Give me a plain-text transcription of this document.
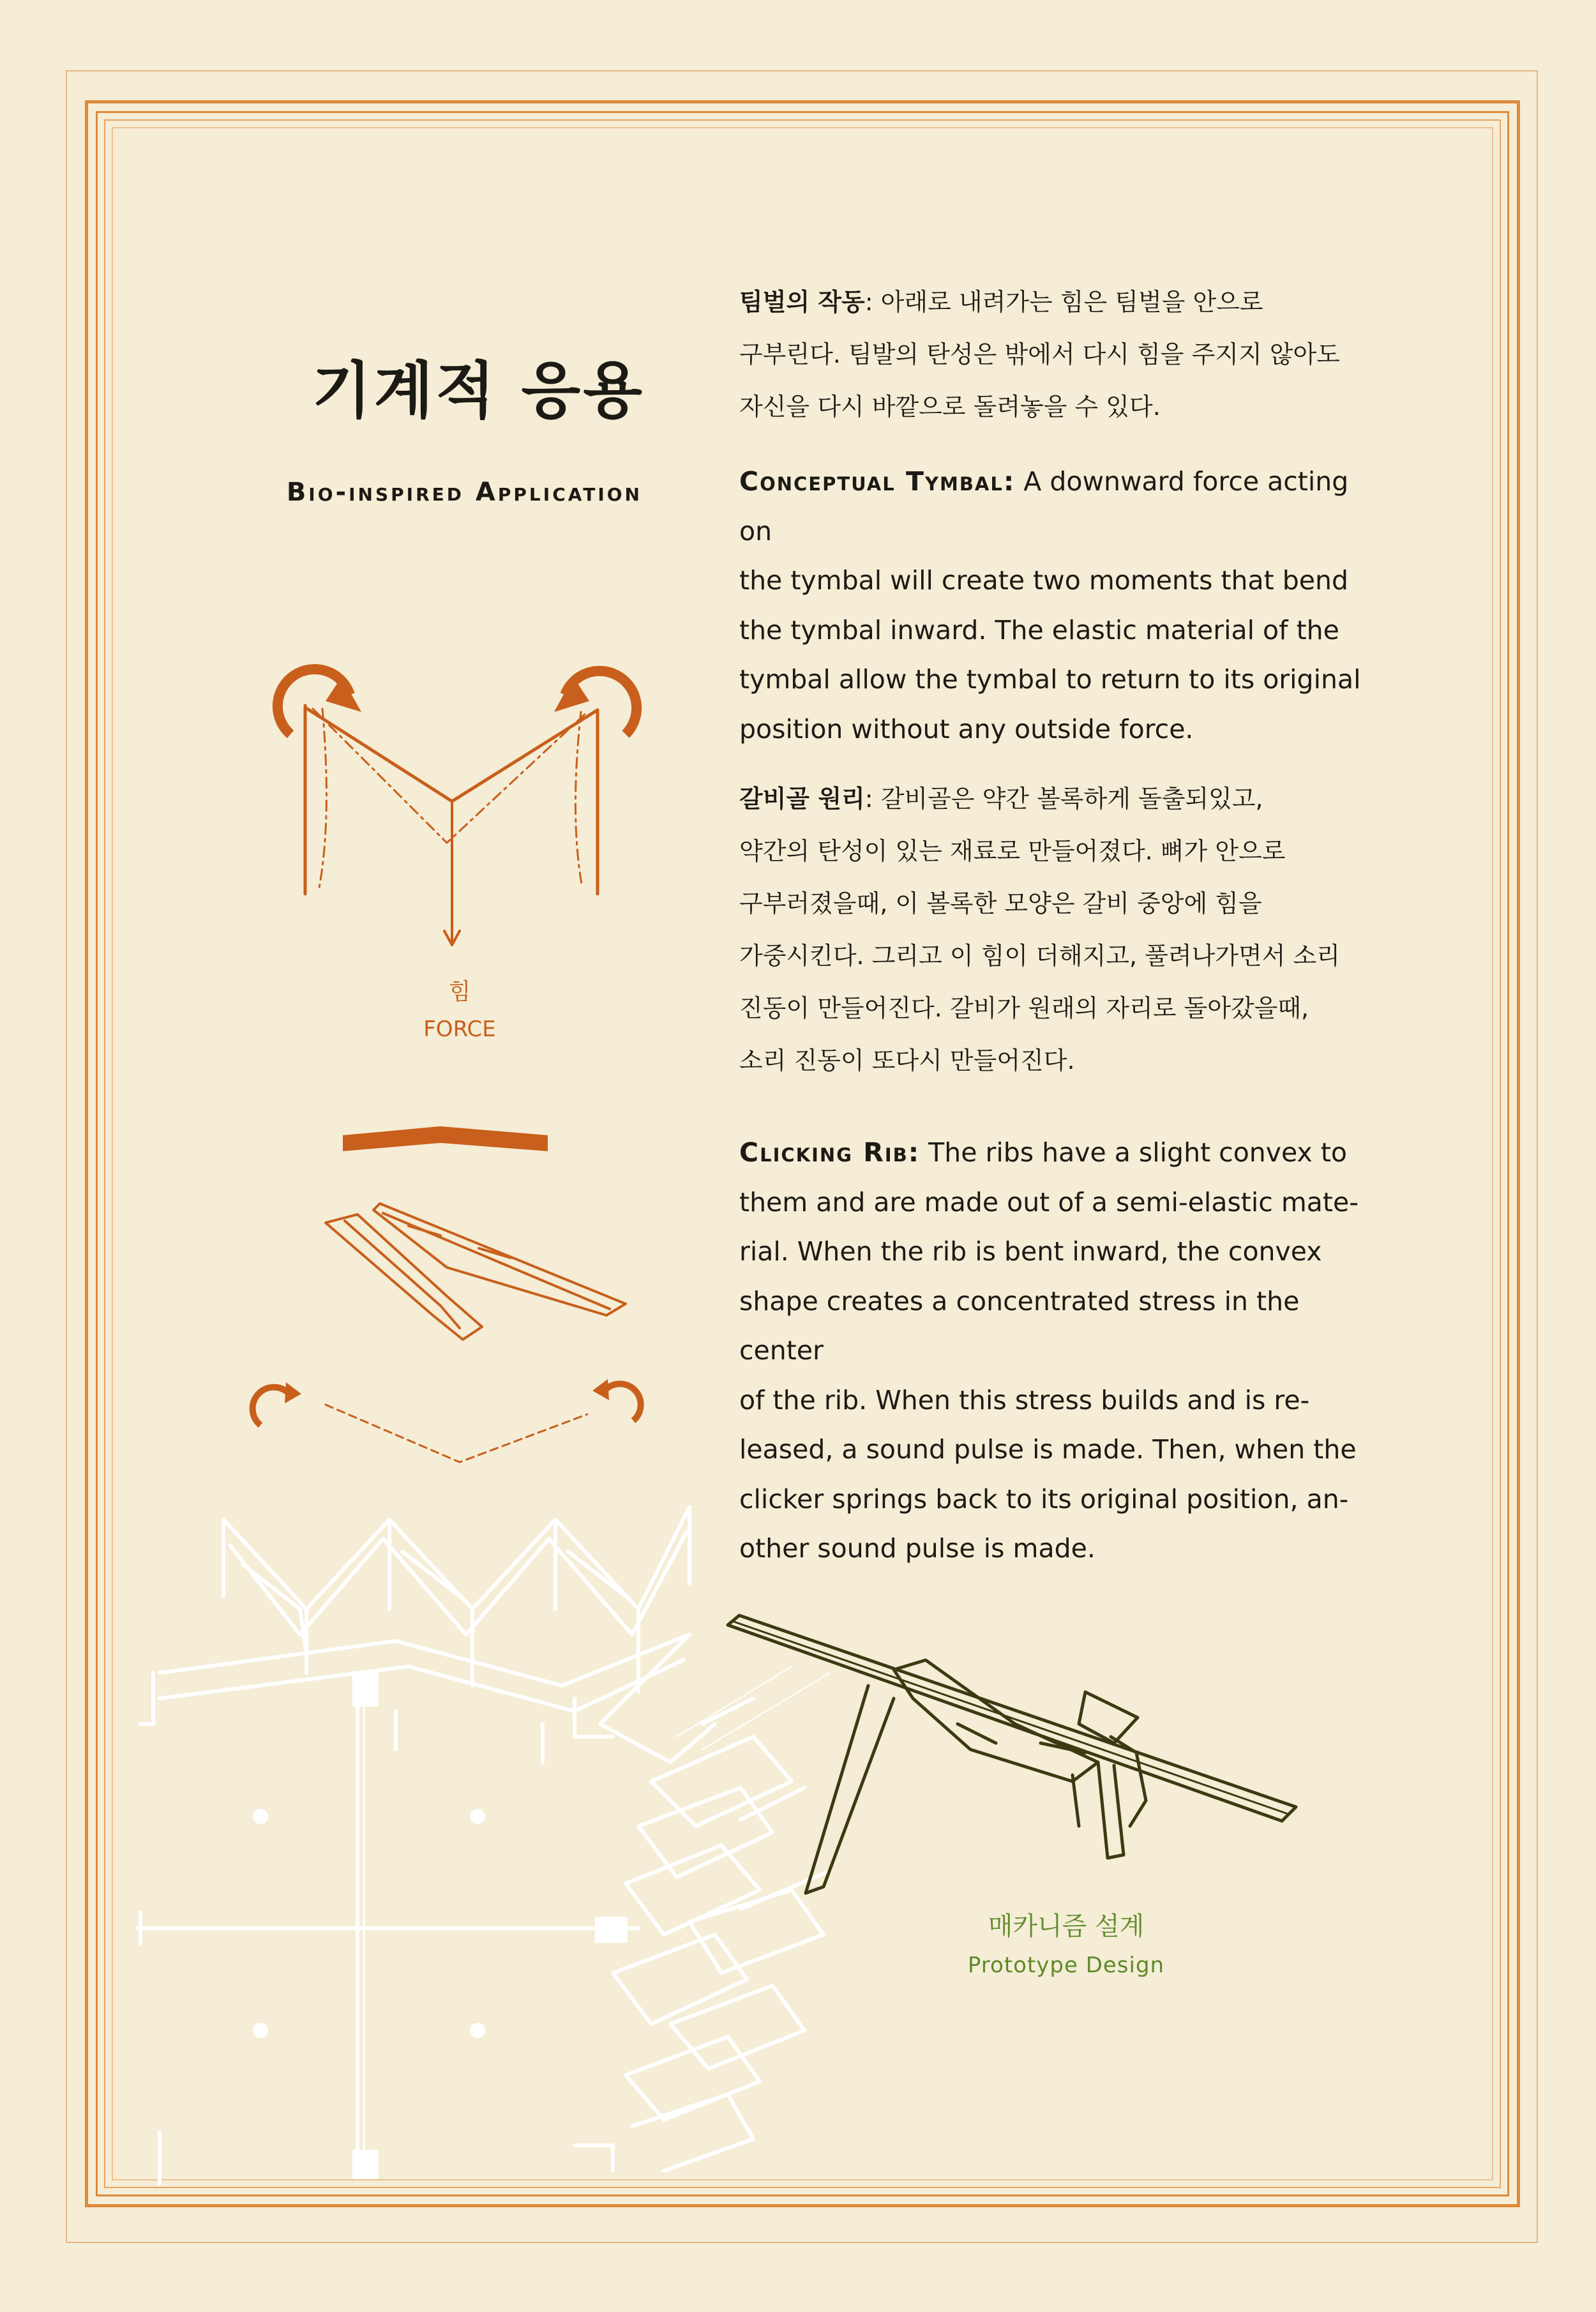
기계적 응용
Bio-inspired Application

팀벌의 작동: 아래로 내려가는 힘은 팀벌을 안으로

구부린다. 팀발의 탄성은 밖에서 다시 힘을 주지지 않아도

자신을 다시 바깥으로 돌려놓을 수 있다.

Conceptual Tymbal: A downward force acting on

the tymbal will create two moments that bend

the tymbal inward. The elastic material of the

tymbal allow the tymbal to return to its original

position without any outside force.

갈비골 원리: 갈비골은 약간 볼록하게 돌출되있고,

약간의 탄성이 있는 재료로 만들어졌다. 뼈가 안으로

구부러졌을때, 이 볼록한 모양은 갈비 중앙에 힘을

가중시킨다. 그리고 이 힘이 더해지고, 풀려나가면서 소리

진동이 만들어진다. 갈비가 원래의 자리로 돌아갔을때,

소리 진동이 또다시 만들어진다.

Clicking Rib: The ribs have a slight convex to

them and are made out of a semi-elastic mate-

rial. When the rib is bent inward, the convex

shape creates a concentrated stress in the center

of the rib. When this stress builds and is re-

leased, a sound pulse is made. Then, when the

clicker springs back to its original position, an-

other sound pulse is made.

힘
FORCE
매카니즘 설계
Prototype Design
